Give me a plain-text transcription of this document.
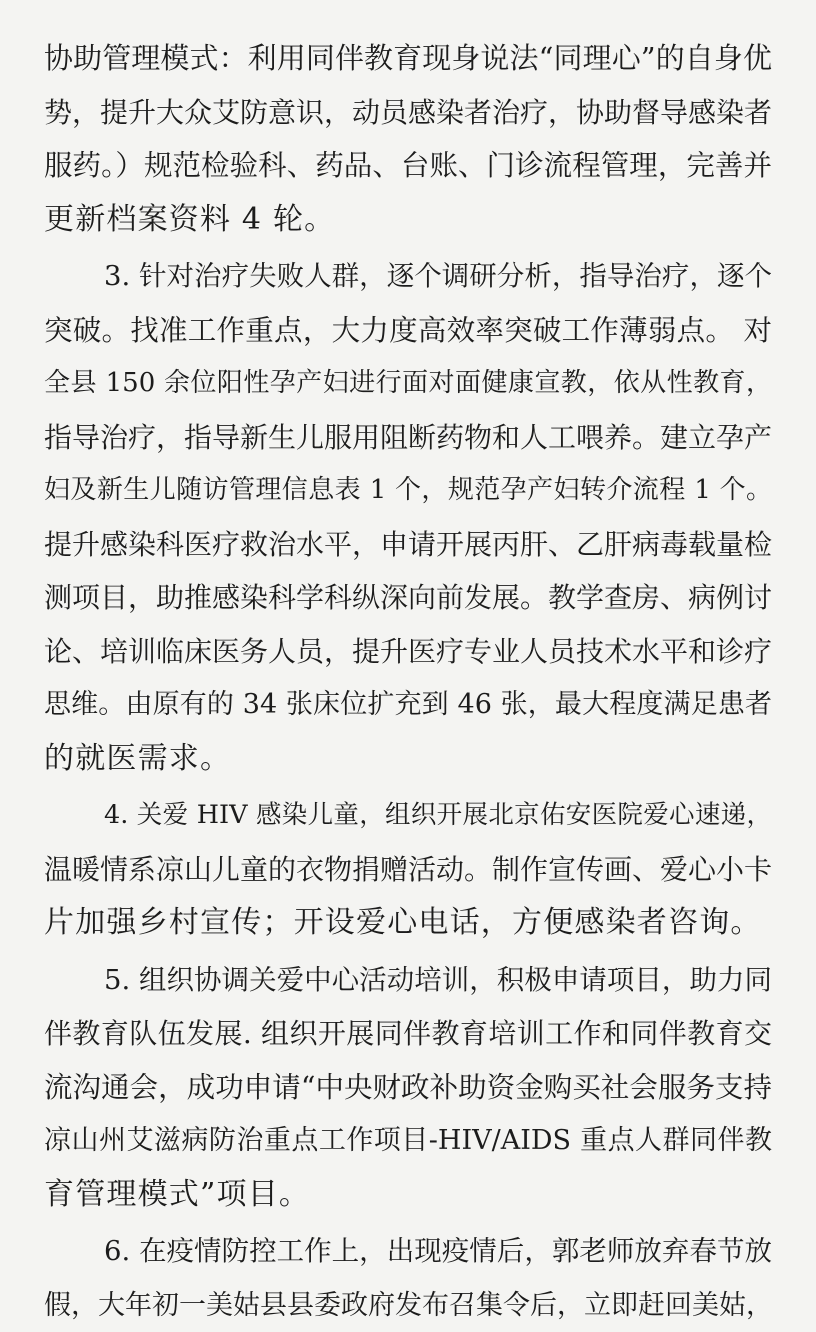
协助管理模式：利用同伴教育现身说法“同理心”的自身优
势，提升大众艾防意识，动员感染者治疗，协助督导感染者
服药。）规范检验科、药品、台账、门诊流程管理，完善并
更新档案资料 4 轮。

3. 针对治疗失败人群，逐个调研分析，指导治疗，逐个
突破。找准工作重点，大力度高效率突破工作薄弱点。 对
全县 150 余位阳性孕产妇进行面对面健康宣教，依从性教育，
指导治疗，指导新生儿服用阻断药物和人工喂养。建立孕产
妇及新生儿随访管理信息表 1 个，规范孕产妇转介流程 1 个。
提升感染科医疗救治水平，申请开展丙肝、乙肝病毒载量检
测项目，助推感染科学科纵深向前发展。教学查房、病例讨
论、培训临床医务人员，提升医疗专业人员技术水平和诊疗
思维。由原有的 34 张床位扩充到 46 张，最大程度满足患者
的就医需求。

4. 关爱 HIV 感染儿童，组织开展北京佑安医院爱心速递，
温暖情系凉山儿童的衣物捐赠活动。制作宣传画、爱心小卡
片加强乡村宣传；开设爱心电话，方便感染者咨询。

5. 组织协调关爱中心活动培训，积极申请项目，助力同
伴教育队伍发展. 组织开展同伴教育培训工作和同伴教育交
流沟通会，成功申请“中央财政补助资金购买社会服务支持
凉山州艾滋病防治重点工作项目-HIV/AIDS 重点人群同伴教
育管理模式”项目。

6. 在疫情防控工作上，出现疫情后，郭老师放弃春节放
假，大年初一美姑县县委政府发布召集令后，立即赶回美姑，
